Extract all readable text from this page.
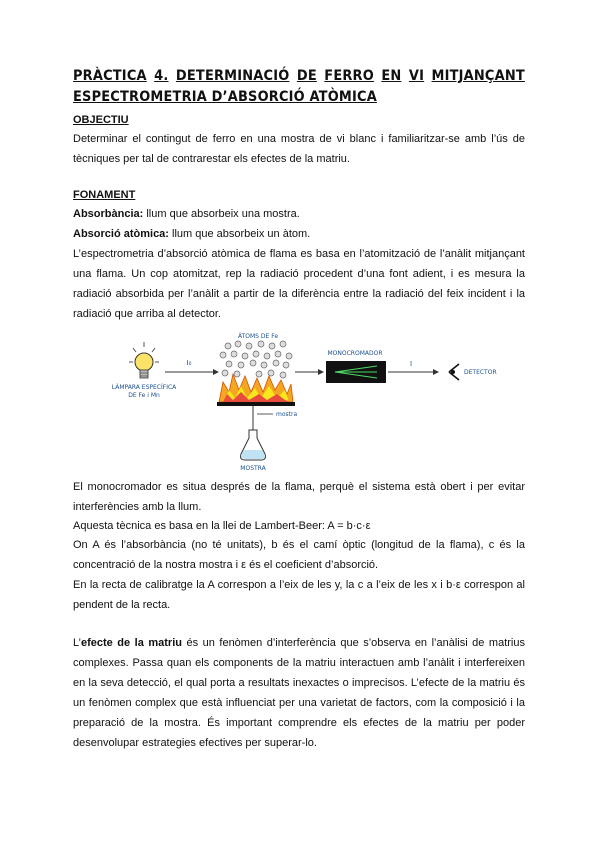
PRÀCTICA 4. DETERMINACIÓ DE FERRO EN VI MITJANÇANT
ESPECTROMETRIA D’ABSORCIÓ ATÒMICA
OBJECTIU

Determinar el contingut de ferro en una mostra de vi blanc i familiaritzar-se amb l’ús de tècniques per tal de contrarestar els efectes de la matriu.

FONAMENT
Absorbància: llum que absorbeix una mostra.
Absorció atòmica: llum que absorbeix un àtom.

L’espectrometria d’absorció atòmica de flama es basa en l’atomització de l’anàlit mitjançant una flama. Un cop atomitzat, rep la radiació procedent d’una font adient, i es mesura la radiació absorbida per l’anàlit a partir de la diferència entre la radiació del feix incident i la radiació que arriba al detector.

LÀMPARA ESPECÍFICA
DE Fe i Mn
I₀
ÀTOMS DE Fe
mostra
MOSTRA
MONOCROMADOR
I
DETECTOR

El monocromador es situa després de la flama, perquè el sistema està obert i per evitar interferències amb la llum.

Aquesta tècnica es basa en la llei de Lambert-Beer: A = b·c·ε

On A és l’absorbància (no té unitats), b és el camí òptic (longitud de la flama), c és la concentració de la nostra mostra i ε és el coeficient d’absorció.

En la recta de calibratge la A correspon a l’eix de les y, la c a l’eix de les x i b·ε correspon al pendent de la recta.

L’efecte de la matriu és un fenòmen d’interferència que s’observa en l’anàlisi de matrius complexes. Passa quan els components de la matriu interactuen amb l’anàlit i interfereixen en la seva detecció, el qual porta a resultats inexactes o imprecisos. L’efecte de la matriu és un fenòmen complex que està influenciat per una varietat de factors, com la composició i la preparació de la mostra. És important comprendre els efectes de la matriu per poder desenvolupar estrategies efectives per superar-lo.
